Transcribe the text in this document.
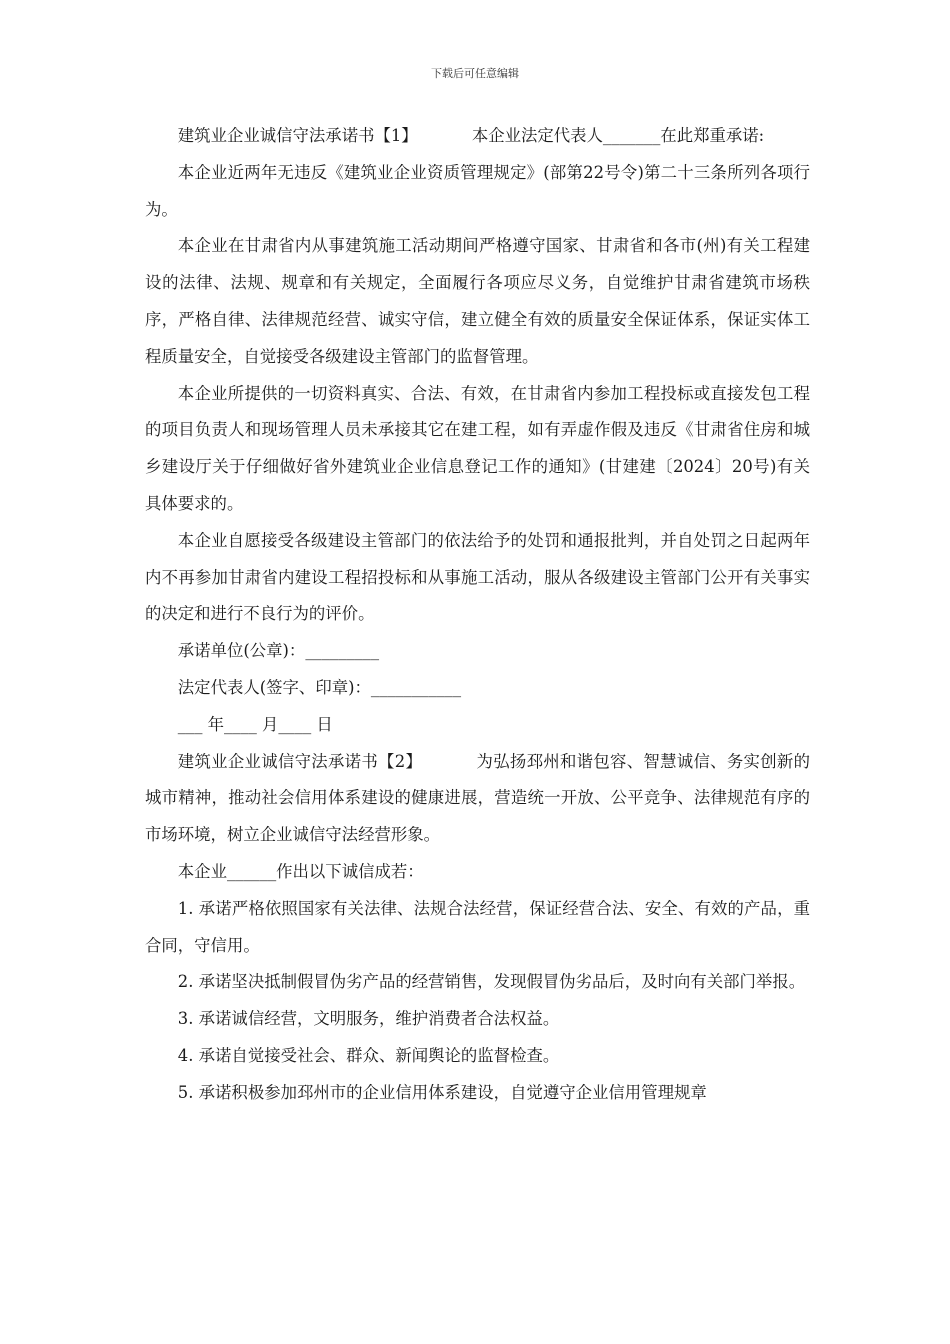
下载后可任意编辑

建筑业企业诚信守法承诺书【1】	本企业法定代表人_______在此郑重承诺:

本企业近两年无违反《建筑业企业资质管理规定》(部第22号令)第二十三条所列各项行为。

本企业在甘肃省内从事建筑施工活动期间严格遵守国家、甘肃省和各市(州)有关工程建设的法律、法规、规章和有关规定，全面履行各项应尽义务，自觉维护甘肃省建筑市场秩序，严格自律、法律规范经营、诚实守信，建立健全有效的质量安全保证体系，保证实体工程质量安全，自觉接受各级建设主管部门的监督管理。

本企业所提供的一切资料真实、合法、有效，在甘肃省内参加工程投标或直接发包工程的项目负责人和现场管理人员未承接其它在建工程，如有弄虚作假及违反《甘肃省住房和城乡建设厅关于仔细做好省外建筑业企业信息登记工作的通知》(甘建建〔2024〕20号)有关具体要求的。

本企业自愿接受各级建设主管部门的依法给予的处罚和通报批判，并自处罚之日起两年内不再参加甘肃省内建设工程招投标和从事施工活动，服从各级建设主管部门公开有关事实的决定和进行不良行为的评价。

承诺单位(公章)：_________

法定代表人(签字、印章)：___________

___ 年____ 月____ 日

建筑业企业诚信守法承诺书【2】	为弘扬邳州和谐包容、智慧诚信、务实创新的城市精神，推动社会信用体系建设的健康进展，营造统一开放、公平竞争、法律规范有序的市场环境，树立企业诚信守法经营形象。

本企业______作出以下诚信成若：

1. 承诺严格依照国家有关法律、法规合法经营，保证经营合法、安全、有效的产品，重合同，守信用。

2. 承诺坚决抵制假冒伪劣产品的经营销售，发现假冒伪劣品后，及时向有关部门举报。

3. 承诺诚信经营，文明服务，维护消费者合法权益。

4. 承诺自觉接受社会、群众、新闻舆论的监督检查。

5. 承诺积极参加邳州市的企业信用体系建设，自觉遵守企业信用管理规章
